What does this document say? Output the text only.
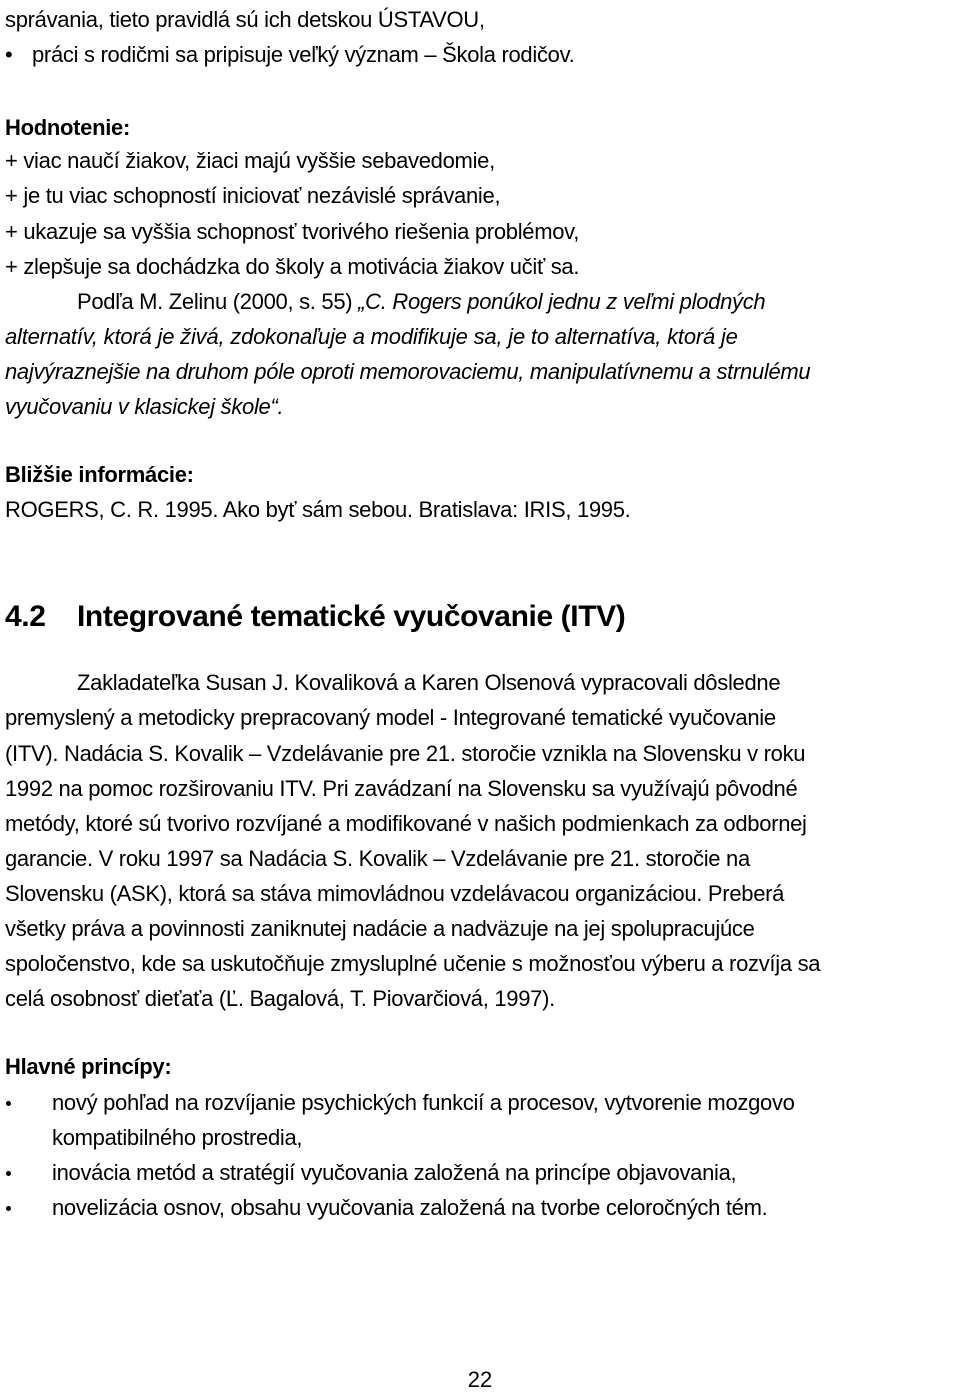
správania, tieto pravidlá sú ich detskou ÚSTAVOU,
• práci s rodičmi sa pripisuje veľký význam – Škola rodičov.
Hodnotenie:
+ viac naučí žiakov, žiaci majú vyššie sebavedomie,
+ je tu viac schopností iniciovať nezávislé správanie,
+ ukazuje sa vyššia schopnosť tvorivého riešenia problémov,
+ zlepšuje sa dochádzka do školy a motivácia žiakov učiť sa.
Podľa M. Zelinu (2000, s. 55) „C. Rogers ponúkol jednu z veľmi plodných
alternatív, ktorá je živá, zdokonaľuje a modifikuje sa, je to alternatíva, ktorá je
najvýraznejšie na druhom póle oproti memorovaciemu, manipulatívnemu a strnulému
vyučovaniu v klasickej škole“.
Bližšie informácie:
ROGERS, C. R. 1995. Ako byť sám sebou. Bratislava: IRIS, 1995.
4.2 Integrované tematické vyučovanie (ITV)
Zakladateľka Susan J. Kovaliková a Karen Olsenová vypracovali dôsledne
premyslený a metodicky prepracovaný model - Integrované tematické vyučovanie
(ITV). Nadácia S. Kovalik – Vzdelávanie pre 21. storočie vznikla na Slovensku v roku
1992 na pomoc rozširovaniu ITV. Pri zavádzaní na Slovensku sa využívajú pôvodné
metódy, ktoré sú tvorivo rozvíjané a modifikované v našich podmienkach za odbornej
garancie. V roku 1997 sa Nadácia S. Kovalik – Vzdelávanie pre 21. storočie na
Slovensku (ASK), ktorá sa stáva mimovládnou vzdelávacou organizáciou. Preberá
všetky práva a povinnosti zaniknutej nadácie a nadväzuje na jej spolupracujúce
spoločenstvo, kde sa uskutočňuje zmysluplné učenie s možnosťou výberu a rozvíja sa
celá osobnosť dieťaťa (Ľ. Bagalová, T. Piovarčiová, 1997).
Hlavné princípy:
nový pohľad na rozvíjanie psychických funkcií a procesov, vytvorenie mozgovo
kompatibilného prostredia,
inovácia metód a stratégií vyučovania založená na princípe objavovania,
novelizácia osnov, obsahu vyučovania založená na tvorbe celoročných tém.
22
